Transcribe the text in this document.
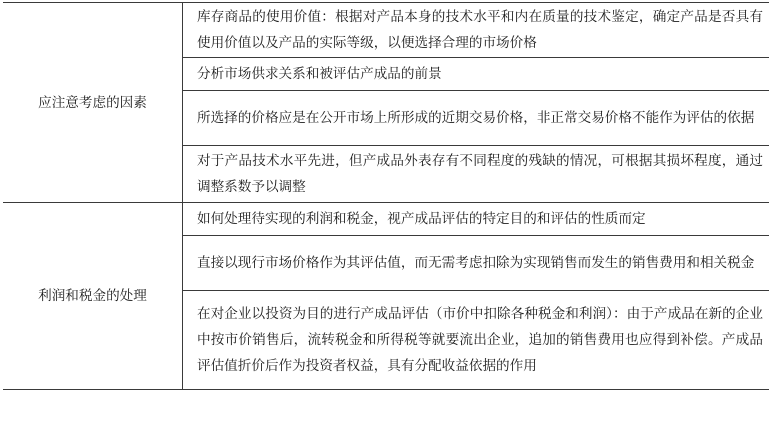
应注意考虑的因素	库存商品的使用价值：根据对产品本身的技术水平和内在质量的技术鉴定，确定产品是否具有使用价值以及产品的实际等级，以便选择合理的市场价格
	分析市场供求关系和被评估产成品的前景
	所选择的价格应是在公开市场上所形成的近期交易价格，非正常交易价格不能作为评估的依据
	对于产品技术水平先进，但产成品外表存有不同程度的残缺的情况，可根据其损坏程度，通过调整系数予以调整
利润和税金的处理	如何处理待实现的利润和税金，视产成品评估的特定目的和评估的性质而定
	直接以现行市场价格作为其评估值，而无需考虑扣除为实现销售而发生的销售费用和相关税金
	在对企业以投资为目的进行产成品评估（市价中扣除各种税金和利润）：由于产成品在新的企业中按市价销售后，流转税金和所得税等就要流出企业，追加的销售费用也应得到补偿。产成品评估值折价后作为投资者权益，具有分配收益依据的作用
